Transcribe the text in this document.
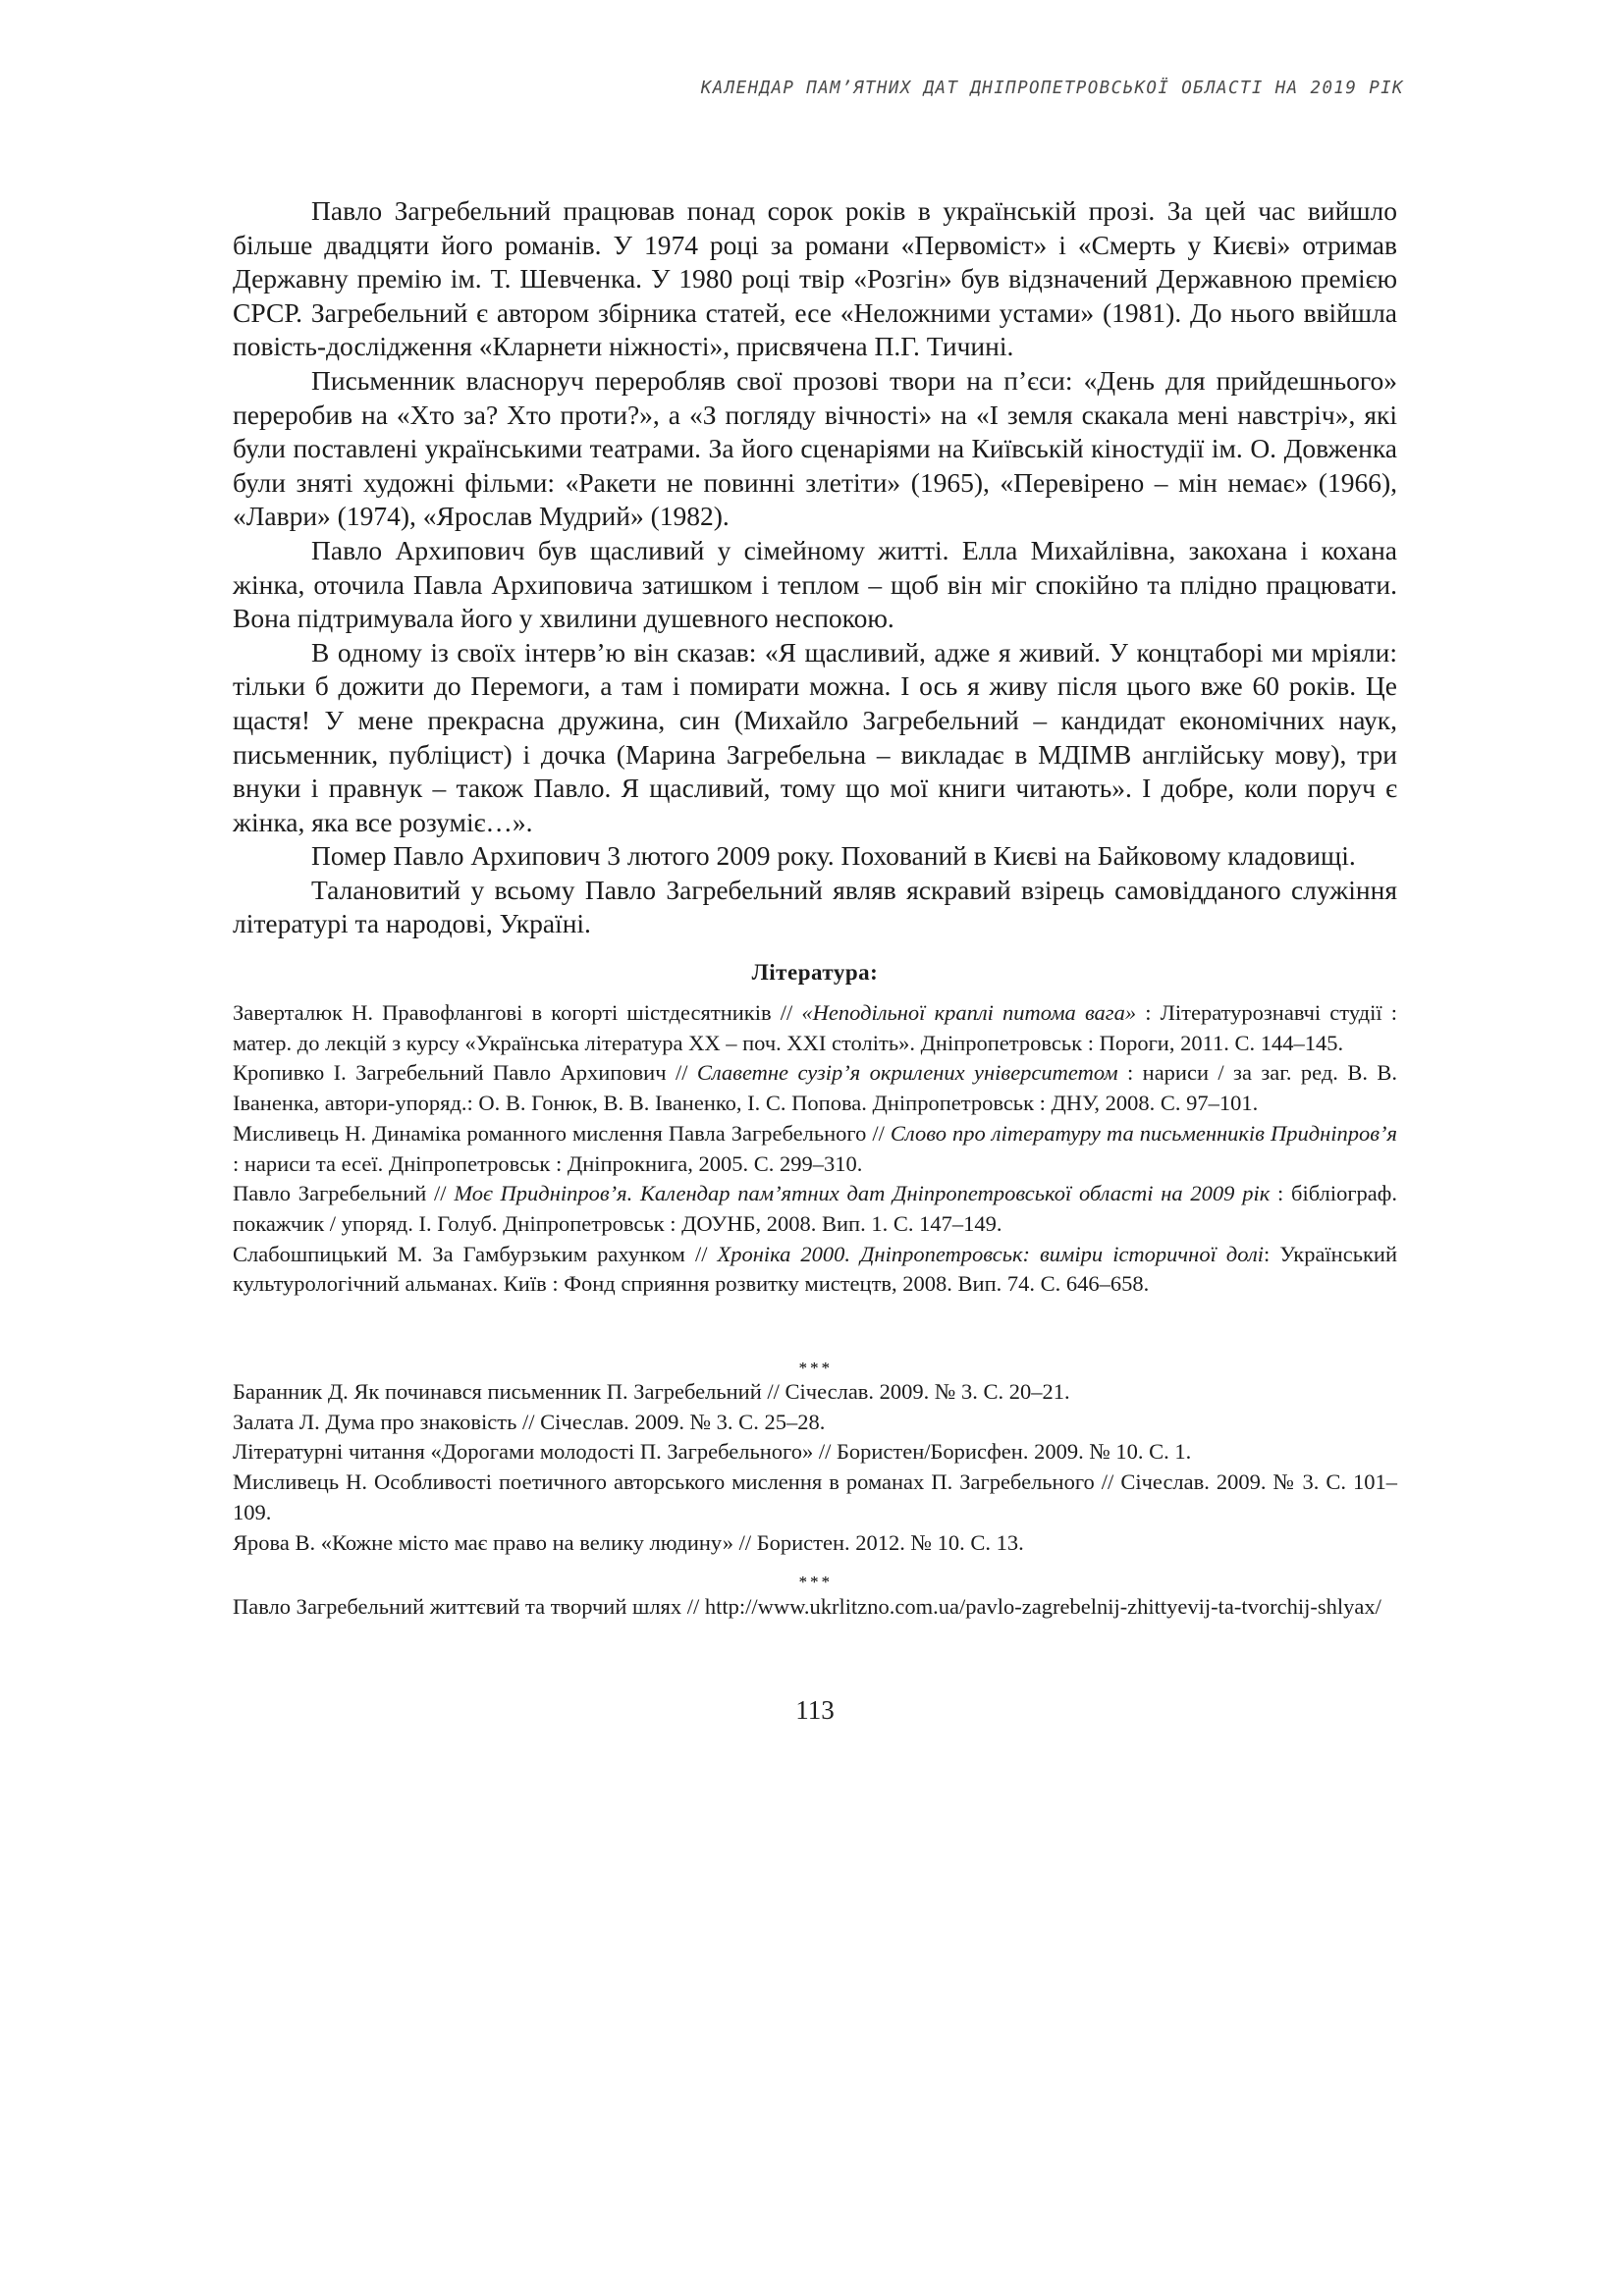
КАЛЕНДАР ПАМ’ЯТНИХ ДАТ ДНІПРОПЕТРОВСЬКОЇ ОБЛАСТІ НА 2019 РІК

Павло Загребельний працював понад сорок років в українській прозі. За цей час вийшло більше двадцяти його романів. У 1974 році за романи «Первоміст» і «Смерть у Києві» отримав Державну премію ім. Т. Шевченка. У 1980 році твір «Розгін» був відзначений Державною премією СРСР. Загребельний є автором збірника статей, есе «Неложними устами» (1981). До нього ввійшла повість-дослідження «Кларнети ніжності», присвячена П.Г. Тичині.

Письменник власноруч переробляв свої прозові твори на п’єси: «День для прийдешнього» переробив на «Хто за? Хто проти?», а «З погляду вічності» на «І земля скакала мені навстріч», які були поставлені українськими театрами. За його сценаріями на Київській кіностудії ім. О. Довженка були зняті художні фільми: «Ракети не повинні злетіти» (1965), «Перевірено – мін немає» (1966), «Лаври» (1974), «Ярослав Мудрий» (1982).

Павло Архипович був щасливий у сімейному житті. Елла Михайлівна, закохана і кохана жінка, оточила Павла Архиповича затишком і теплом – щоб він міг спокійно та плідно працювати. Вона підтримувала його у хвилини душевного неспокою.

В одному із своїх інтерв’ю він сказав: «Я щасливий, адже я живий. У концтаборі ми мріяли: тільки б дожити до Перемоги, а там і помирати можна. І ось я живу після цього вже 60 років. Це щастя! У мене прекрасна дружина, син (Михайло Загребельний – кандидат економічних наук, письменник, публіцист) і дочка (Марина Загребельна – викладає в МДІМВ англійську мову), три внуки і правнук – також Павло. Я щасливий, тому що мої книги читають». І добре, коли поруч є жінка, яка все розуміє…».

Помер Павло Архипович 3 лютого 2009 року. Похований в Києві на Байковому кладовищі.

Талановитий у всьому Павло Загребельний являв яскравий взірець самовідданого служіння літературі та народові, Україні.

Література:

Заверталюк Н. Правофлангові в когорті шістдесятників // «Неподільної краплі питома вага» : Літературознавчі студії : матер. до лекцій з курсу «Українська література ХХ – поч. ХХІ століть». Дніпропетровськ : Пороги, 2011. С. 144–145.

Кропивко І. Загребельний Павло Архипович // Славетне сузір’я окрилених університетом : нариси / за заг. ред. В. В. Іваненка, автори-упоряд.: О. В. Гонюк, В. В. Іваненко, І. С. Попова. Дніпропетровськ : ДНУ, 2008. С. 97–101.

Мисливець Н. Динаміка романного мислення Павла Загребельного // Слово про літературу та письменників Придніпров’я : нариси та есеї. Дніпропетровськ : Дніпрокнига, 2005. С. 299–310.

Павло Загребельний // Моє Придніпров’я. Календар пам’ятних дат Дніпропетровської області на 2009 рік : бібліограф. покажчик / упоряд. І. Голуб. Дніпропетровськ : ДОУНБ, 2008. Вип. 1. С. 147–149.

Слабошпицький М. За Гамбурзьким рахунком // Хроніка 2000. Дніпропетровськ: виміри історичної долі: Український культурологічний альманах. Київ : Фонд сприяння розвитку мистецтв, 2008. Вип. 74. С. 646–658.

***

Баранник Д. Як починався письменник П. Загребельний // Січеслав. 2009. № 3. С. 20–21.

Залата Л. Дума про знаковість // Січеслав. 2009. № 3. С. 25–28.

Літературні читання «Дорогами молодості П. Загребельного» // Бористен/Борисфен. 2009. № 10. С. 1.

Мисливець Н. Особливості поетичного авторського мислення в романах П. Загребельного // Січеслав. 2009. № 3. С. 101–109.

Ярова В. «Кожне місто має право на велику людину» // Бористен. 2012. № 10. С. 13.

***

Павло Загребельний життєвий та творчий шлях // http://www.ukrlitzno.com.ua/pavlo-zagrebelnij-zhittyevij-ta-tvorchij-shlyax/

113
